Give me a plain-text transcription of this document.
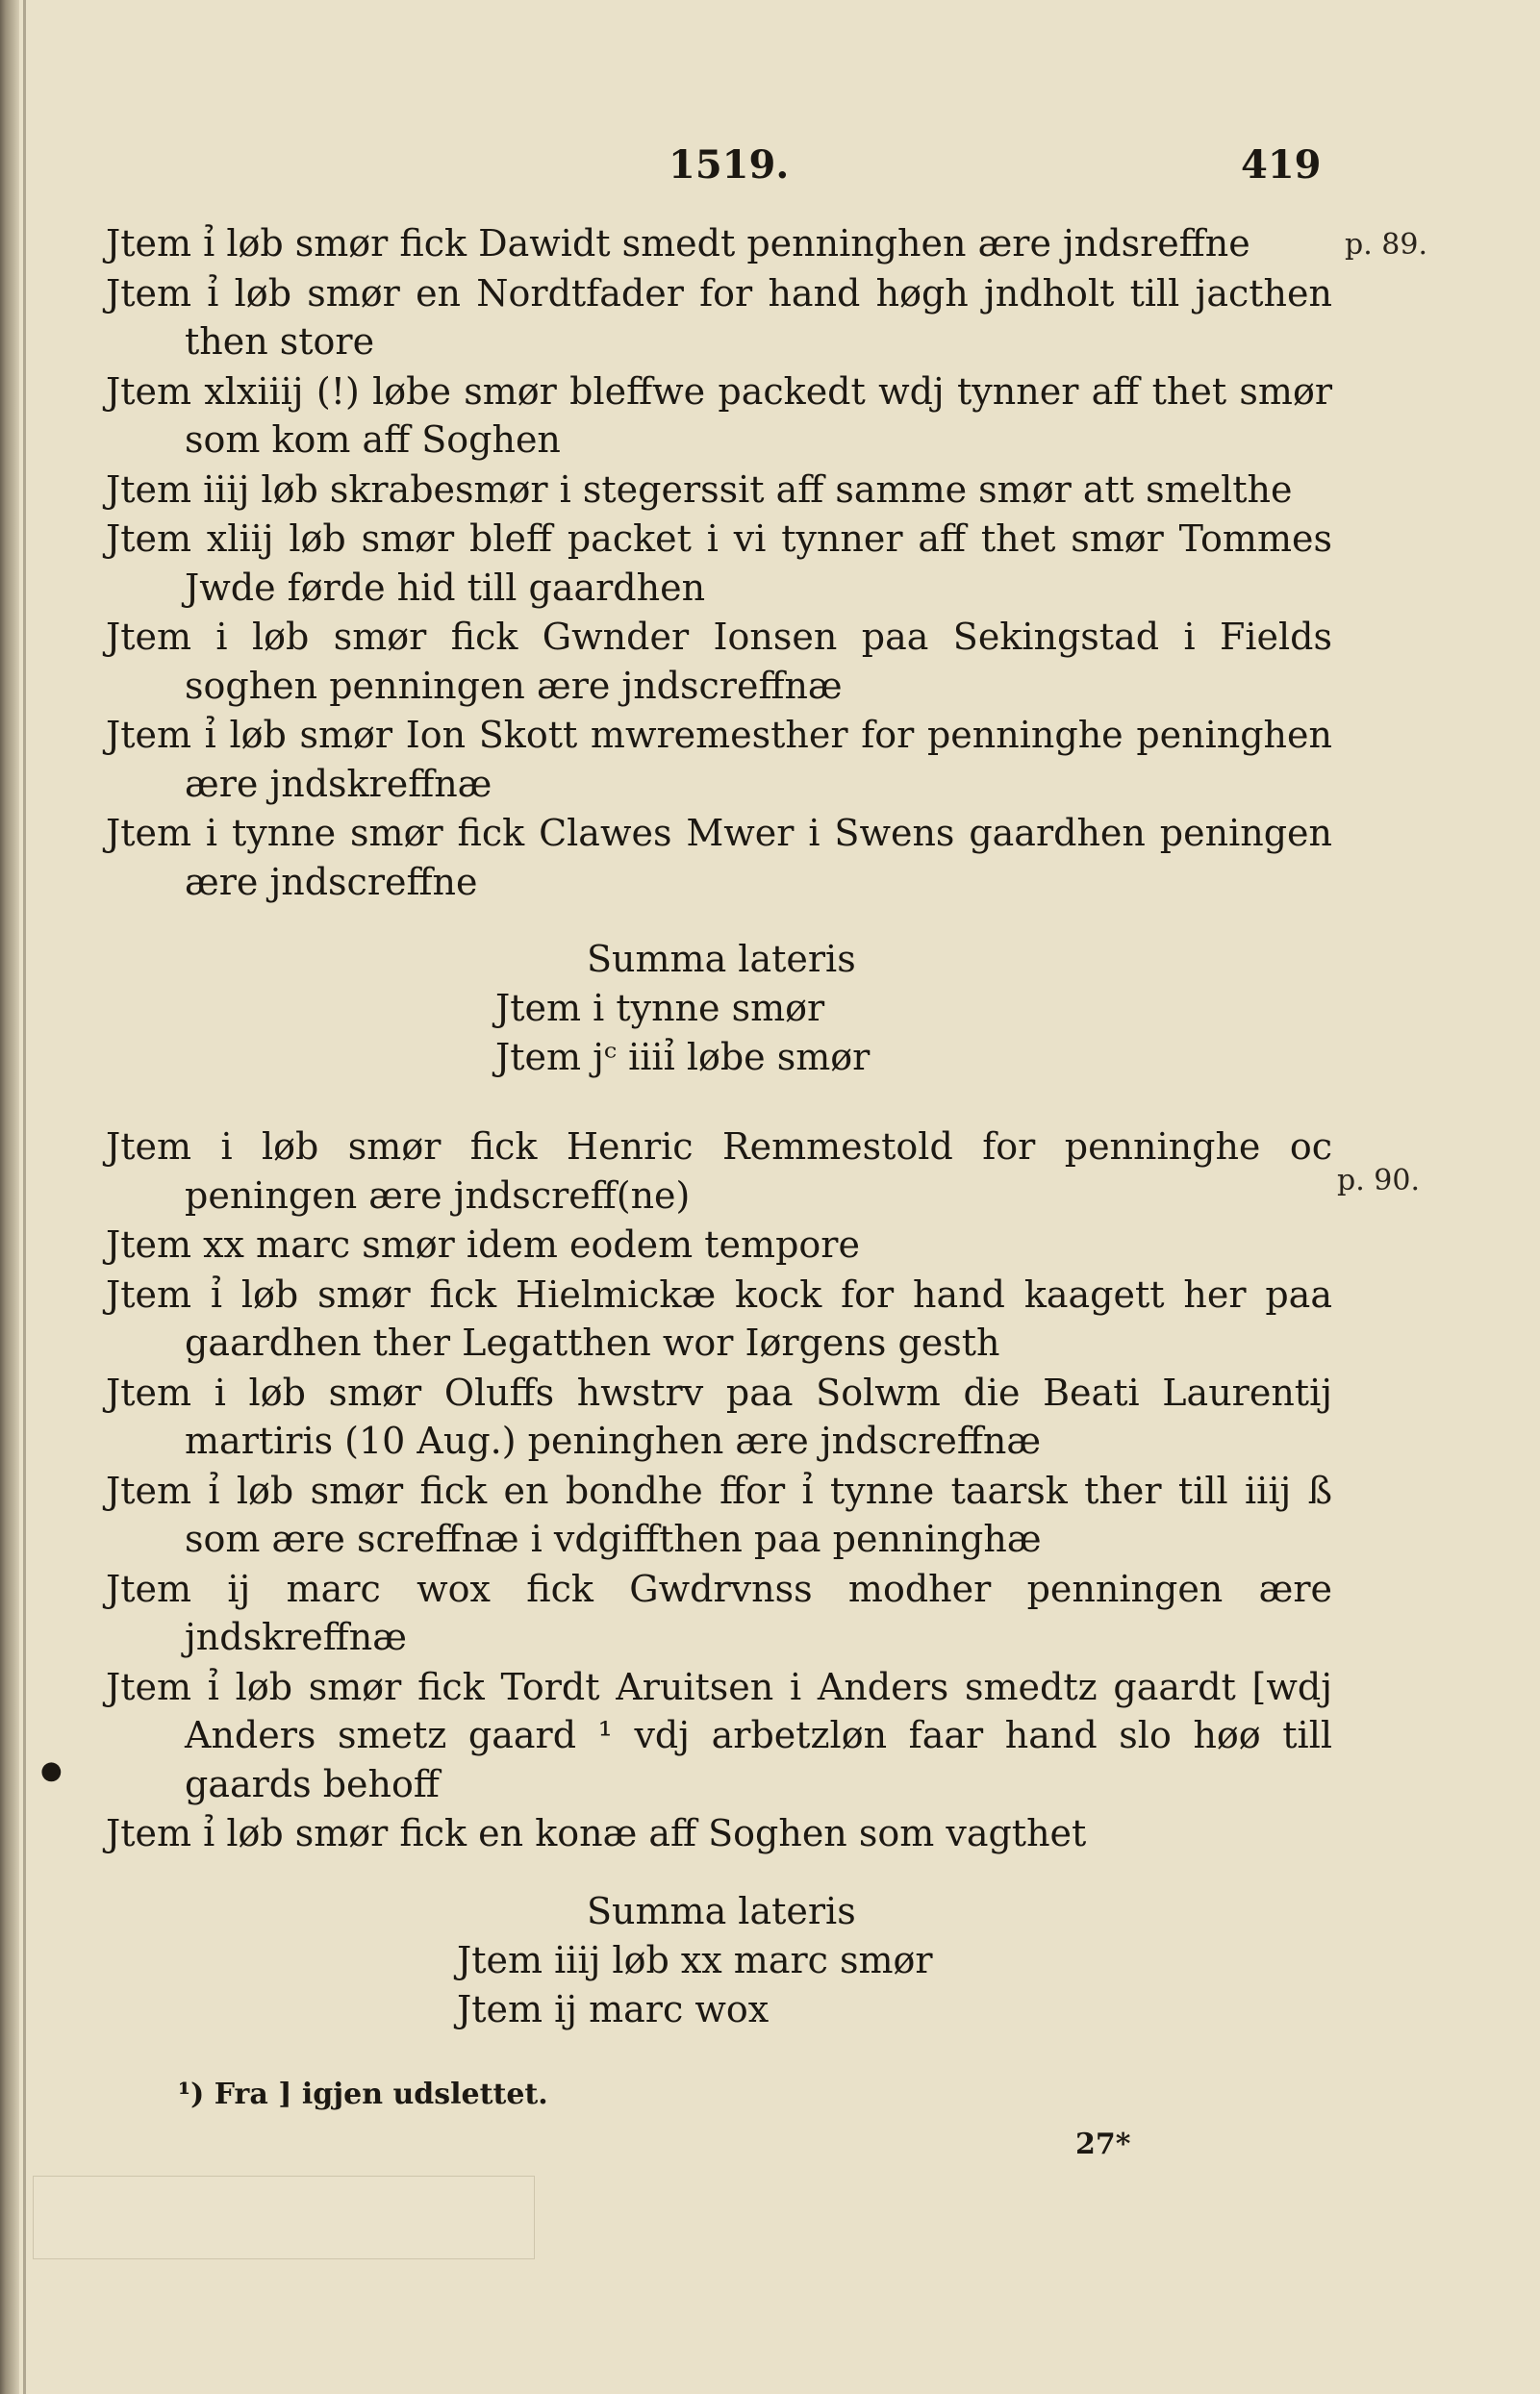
1519.	419
p. 89.
p. 90.
●

Jtem ỉ løb smør fick Dawidt smedt penninghen ære jndsreffne

Jtem ỉ løb smør en Nordtfader for hand høgh jndholt till jacthen then store

Jtem xlxiiij (!) løbe smør bleffwe packedt wdj tynner aff thet smør som kom aff Soghen

Jtem iiij løb skrabesmør i stegerssit aff samme smør att smelthe

Jtem xliij løb smør bleff packet i vi tynner aff thet smør Tommes Jwde førde hid till gaardhen

Jtem i løb smør fick Gwnder Ionsen paa Sekingstad i Fields soghen penningen ære jndscreffnæ

Jtem ỉ løb smør Ion Skott mwremesther for penninghe peninghen ære jndskreffnæ

Jtem i tynne smør fick Clawes Mwer i Swens gaardhen peningen ære jndscreffne

Summa lateris
Jtem i tynne smør
Jtem jᶜ iiiỉ løbe smør

Jtem i løb smør fick Henric Remmestold for penninghe oc peningen ære jndscreff(ne)

Jtem xx marc smør idem eodem tempore

Jtem ỉ løb smør fick Hielmickæ kock for hand kaagett her paa gaardhen ther Legatthen wor Iørgens gesth

Jtem i løb smør Oluffs hwstrv paa Solwm die Beati Laurentij martiris (10 Aug.) peninghen ære jndscreffnæ

Jtem ỉ løb smør fick en bondhe ffor ỉ tynne taarsk ther till iiij ß som ære screffnæ i vdgiffthen paa penninghæ

Jtem ij marc wox fick Gwdrvnss modher penningen ære jndskreffnæ

Jtem ỉ løb smør fick Tordt Aruitsen i Anders smedtz gaardt [wdj Anders smetz gaard ¹ vdj arbetzløn faar hand slo høø till gaards behoff

Jtem ỉ løb smør fick en konæ aff Soghen som vagthet

Summa lateris
Jtem iiij løb xx marc smør
Jtem ij marc wox
¹) Fra ] igjen udslettet.
27*
